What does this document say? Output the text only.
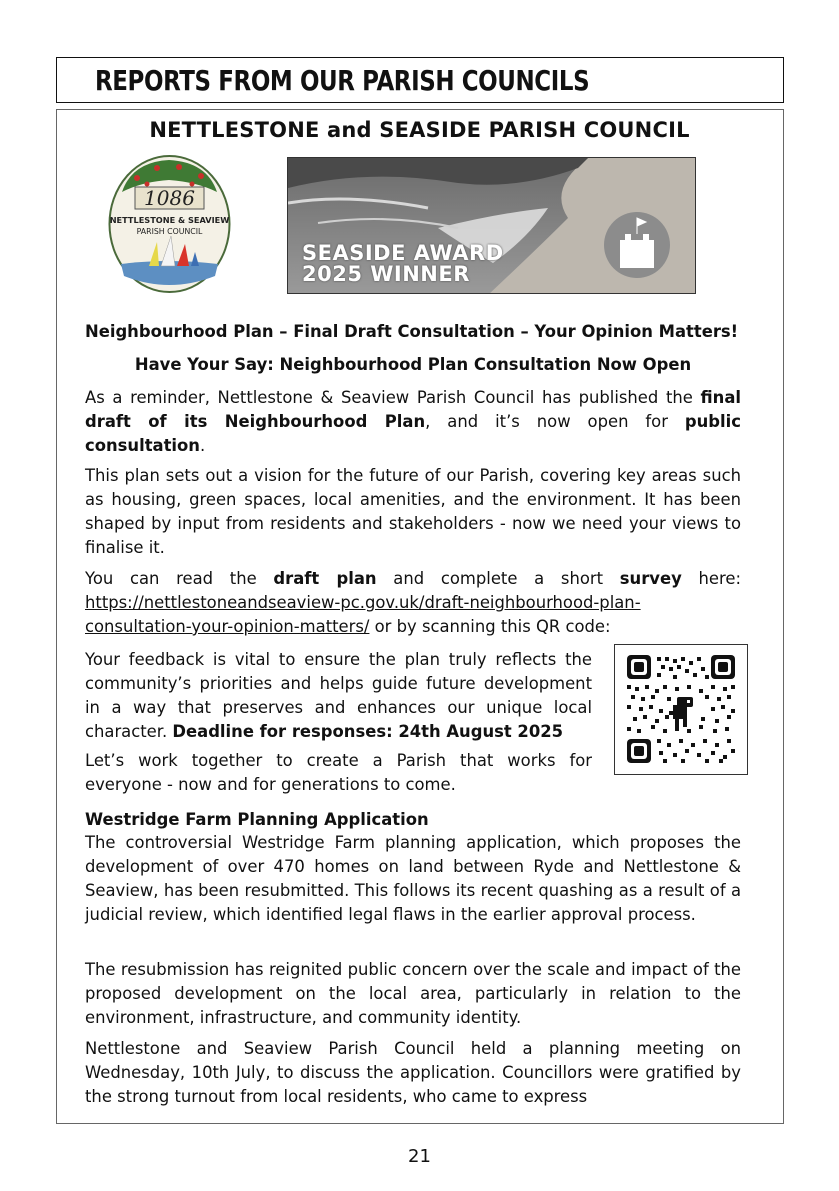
REPORTS FROM OUR PARISH COUNCILS
NETTLESTONE and SEASIDE PARISH COUNCIL
1086
NETTLESTONE & SEAVIEW
PARISH COUNCIL
SEASIDE AWARD
2025 WINNER
Neighbourhood Plan – Final Draft Consultation – Your Opinion Matters!
Have Your Say: Neighbourhood Plan Consultation Now Open
As a reminder, Nettlestone & Seaview Parish Council has published the final draft of its Neighbourhood Plan, and it’s now open for public consultation.
This plan sets out a vision for the future of our Parish, covering key areas such as housing, green spaces, local amenities, and the environment. It has been shaped by input from residents and stakeholders - now we need your views to finalise it.
You can read the draft plan and complete a short survey here: https://nettlestoneandseaview-pc.gov.uk/draft-neighbourhood-plan-consultation-your-opinion-matters/ or by scanning this QR code:
Your feedback is vital to ensure the plan truly reflects the community’s priorities and helps guide future development in a way that preserves and enhances our unique local character. Deadline for responses: 24th August 2025
Let’s work together to create a Parish that works for everyone - now and for generations to come.
Westridge Farm Planning Application
The controversial Westridge Farm planning application, which proposes the development of over 470 homes on land between Ryde and Nettlestone & Seaview, has been resubmitted. This follows its recent quashing as a result of a judicial review, which identified legal flaws in the earlier approval process.
The resubmission has reignited public concern over the scale and impact of the proposed development on the local area, particularly in relation to the environment, infrastructure, and community identity.
Nettlestone and Seaview Parish Council held a planning meeting on Wednesday, 10th July, to discuss the application. Councillors were gratified by the strong turnout from local residents, who came to express
21
